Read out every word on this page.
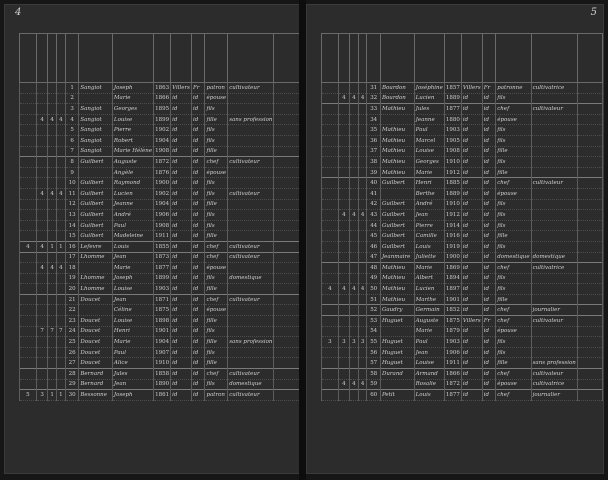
4

				1	Sangiot	Joseph	1863	Villers	Fr	patron	cultivateur	
				2		Marie	1866	id	id	épouse		
				3	Sangiot	Georges	1895	id	id	fils		
	4	4	4	4	Sangiot	Louise	1899	id	id	fille	sans profession	
				5	Sangiot	Pierre	1902	id	id	fils		
				6	Sangiot	Robert	1904	id	id	fils		
				7	Sangiot	Marie Hélène	1908	id	id	fille		
				8	Guilbert	Auguste	1872	id	id	chef	cultivateur	
				9		Angèle	1876	id	id	épouse		
				10	Guilbert	Raymond	1900	id	id	fils		
	4	4	4	11	Guilbert	Lucien	1902	id	id	fils	cultivateur	
				12	Guilbert	Jeanne	1904	id	id	fille		
				13	Guilbert	André	1906	id	id	fils		
				14	Guilbert	Paul	1908	id	id	fils		
				15	Guilbert	Madeleine	1911	id	id	fille		
4	4	1	1	16	Lefevre	Louis	1855	id	id	chef	cultivateur	
				17	Lhomme	Jean	1873	id	id	chef	cultivateur	
	4	4	4	18		Marie	1877	id	id	épouse		
				19	Lhomme	Joseph	1899	id	id	fils	domestique	
				20	Lhomme	Louise	1903	id	id	fille		
				21	Doucet	Jean	1871	id	id	chef	cultivateur	
				22		Céline	1875	id	id	épouse		
				23	Doucet	Louise	1898	id	id	fille		
	7	7	7	24	Doucet	Henri	1901	id	id	fils		
				25	Doucet	Marie	1904	id	id	fille	sans profession	
				26	Doucet	Paul	1907	id	id	fils		
				27	Doucet	Alice	1910	id	id	fille		
				28	Bernard	Jules	1858	id	id	chef	cultivateur	
				29	Bernard	Jean	1890	id	id	fils	domestique	
5	3	1	1	30	Bessonne	Joseph	1861	id	id	patron	cultivateur	
5

				31	Bourdon	Joséphine	1857	Villers	Fr	patronne	cultivatrice	
	4	4	4	32	Bourdon	Lucien	1889	id	id	fils		
				33	Mathieu	Jules	1877	id	id	chef	cultivateur	
				34		Jeanne	1880	id	id	épouse		
				35	Mathieu	Paul	1903	id	id	fils		
				36	Mathieu	Marcel	1905	id	id	fils		
				37	Mathieu	Louise	1908	id	id	fille		
				38	Mathieu	Georges	1910	id	id	fils		
				39	Mathieu	Marie	1912	id	id	fille		
				40	Guilbert	Henri	1885	id	id	chef	cultivateur	
				41		Berthe	1889	id	id	épouse		
				42	Guilbert	André	1910	id	id	fils		
	4	4	4	43	Guilbert	Jean	1912	id	id	fils		
				44	Guilbert	Pierre	1914	id	id	fils		
				45	Guilbert	Camille	1916	id	id	fille		
				46	Guilbert	Louis	1919	id	id	fils		
				47	Jeanmaire	Juliette	1900	id	id	domestique	domestique	
				48	Mathieu	Marie	1869	id	id	chef	cultivatrice	
				49	Mathieu	Albert	1894	id	id	fils		
4	4	4	4	50	Mathieu	Lucien	1897	id	id	fils		
				51	Mathieu	Marthe	1901	id	id	fille		
				52	Gaudry	Germain	1852	id	id	chef	journalier	
				53	Huguet	Auguste	1875	Villers	Fr	chef	cultivateur	
				54		Marie	1879	id	id	épouse		
3	3	3	3	55	Huguet	Paul	1903	id	id	fils		
				56	Huguet	Jean	1906	id	id	fils		
				57	Huguet	Louise	1911	id	id	fille	sans profession	
				58	Durand	Armand	1866	id	id	chef	cultivateur	
	4	4	4	59		Rosalie	1872	id	id	épouse	cultivatrice	
				60	Petit	Louis	1877	id	id	chef	journalier	
